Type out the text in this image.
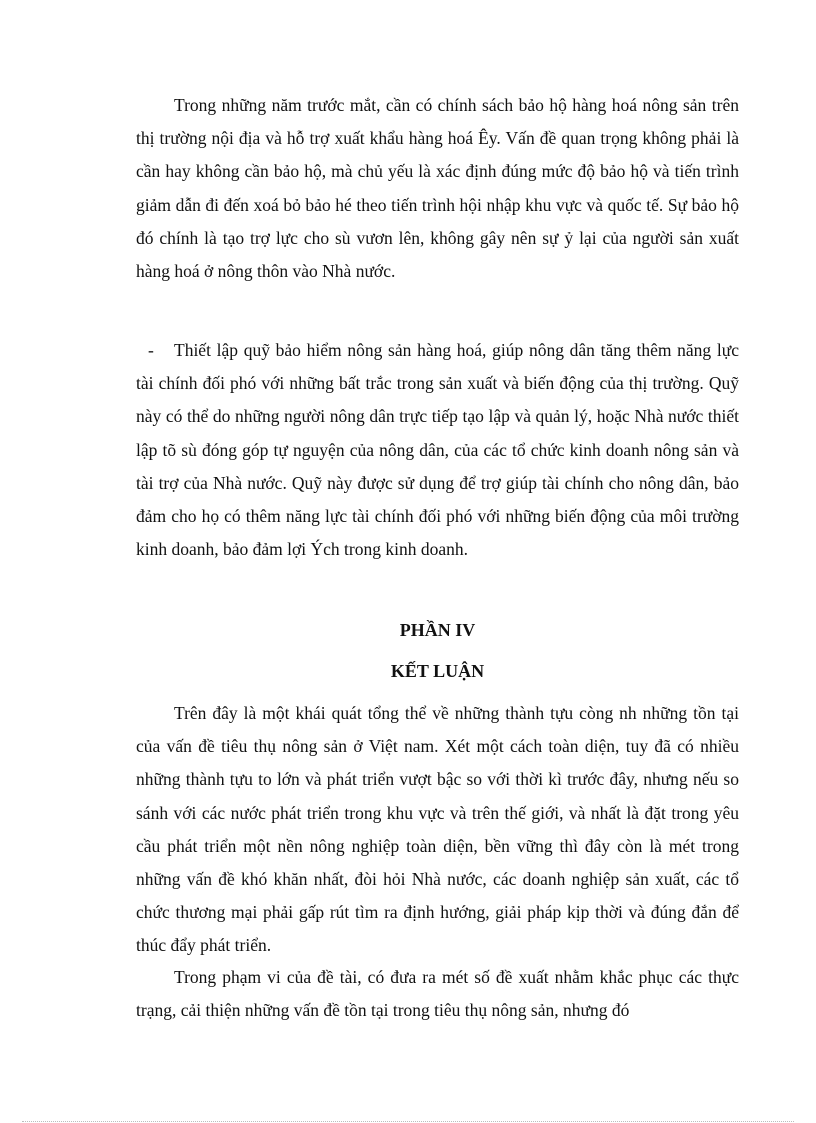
Trong những năm trước mắt, cần có chính sách bảo hộ hàng hoá nông sản trên thị trường nội địa và hỗ trợ xuất khẩu hàng hoá Êy. Vấn đề quan trọng không phải là cần hay không cần bảo hộ, mà chủ yếu là xác định đúng mức độ bảo hộ và tiến trình giảm dẫn đi đến xoá bỏ bảo hé theo tiến trình hội nhập khu vực và quốc tế. Sự bảo hộ đó chính là tạo trợ lực cho sù vươn lên, không gây nên sự ỷ lại của người sản xuất hàng hoá ở nông thôn vào Nhà nước.

-	Thiết lập quỹ bảo hiểm nông sản hàng hoá, giúp nông dân tăng thêm năng lực tài chính đối phó với những bất trắc trong sản xuất và biến động của thị trường. Quỹ này có thể do những người nông dân trực tiếp tạo lập và quản lý, hoặc Nhà nước thiết lập tõ sù đóng góp tự nguyện của nông dân, của các tổ chức kinh doanh nông sản và tài trợ của Nhà nước. Quỹ này được sử dụng để trợ giúp tài chính cho nông dân, bảo đảm cho họ có thêm năng lực tài chính đối phó với những biến động của môi trường kinh doanh, bảo đảm lợi Ých trong kinh doanh.

PHẦN IV
KẾT LUẬN

Trên đây là một khái quát tổng thể về những thành tựu còng nh những tồn tại của vấn đề tiêu thụ nông sản ở Việt nam. Xét một cách toàn diện, tuy đã có nhiều những thành tựu to lớn và phát triển vượt bậc so với thời kì trước đây, nhưng nếu so sánh với các nước phát triển trong khu vực và trên thế giới, và nhất là đặt trong yêu cầu phát triển một nền nông nghiệp toàn diện, bền vững thì đây còn là mét trong những vấn đề khó khăn nhất, đòi hỏi Nhà nước, các doanh nghiệp sản xuất, các tổ chức thương mại phải gấp rút tìm ra định hướng, giải pháp kịp thời và đúng đắn để thúc đẩy phát triển.

Trong phạm vi của đề tài, có đưa ra mét số đề xuất nhằm khắc phục các thực trạng, cải thiện những vấn đề tồn tại trong tiêu thụ nông sản, nhưng đó
